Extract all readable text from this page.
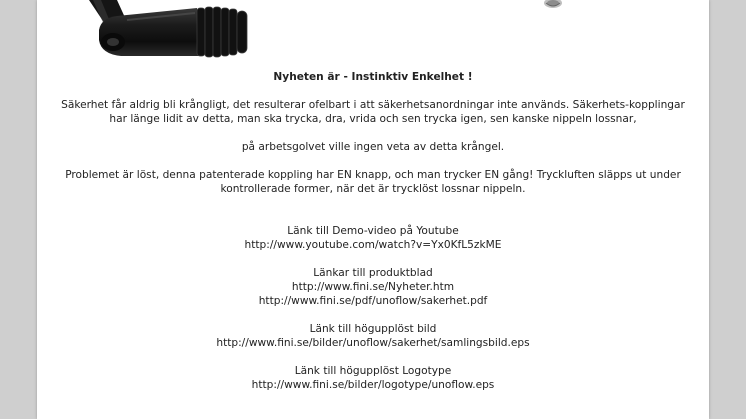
Nyheten är - Instinktiv Enkelhet !

Säkerhet får aldrig bli krångligt, det resulterar ofelbart i att säkerhetsanordningar inte används. Säkerhets-kopplingar har länge lidit av detta, man ska trycka, dra, vrida och sen trycka igen, sen kanske nippeln lossnar,

på arbetsgolvet ville ingen veta av detta krångel.

Problemet är löst, denna patenterade koppling har EN knapp, och man trycker EN gång! Tryckluften släpps ut under kontrollerade former, när det är trycklöst lossnar nippeln.

Länk till Demo-video på Youtube

http://www.youtube.com/watch?v=Yx0KfL5zkME

Länkar till produktblad

http://www.fini.se/Nyheter.htm

http://www.fini.se/pdf/unoflow/sakerhet.pdf

Länk till högupplöst bild

http://www.fini.se/bilder/unoflow/sakerhet/samlingsbild.eps

Länk till högupplöst Logotype

http://www.fini.se/bilder/logotype/unoflow.eps
